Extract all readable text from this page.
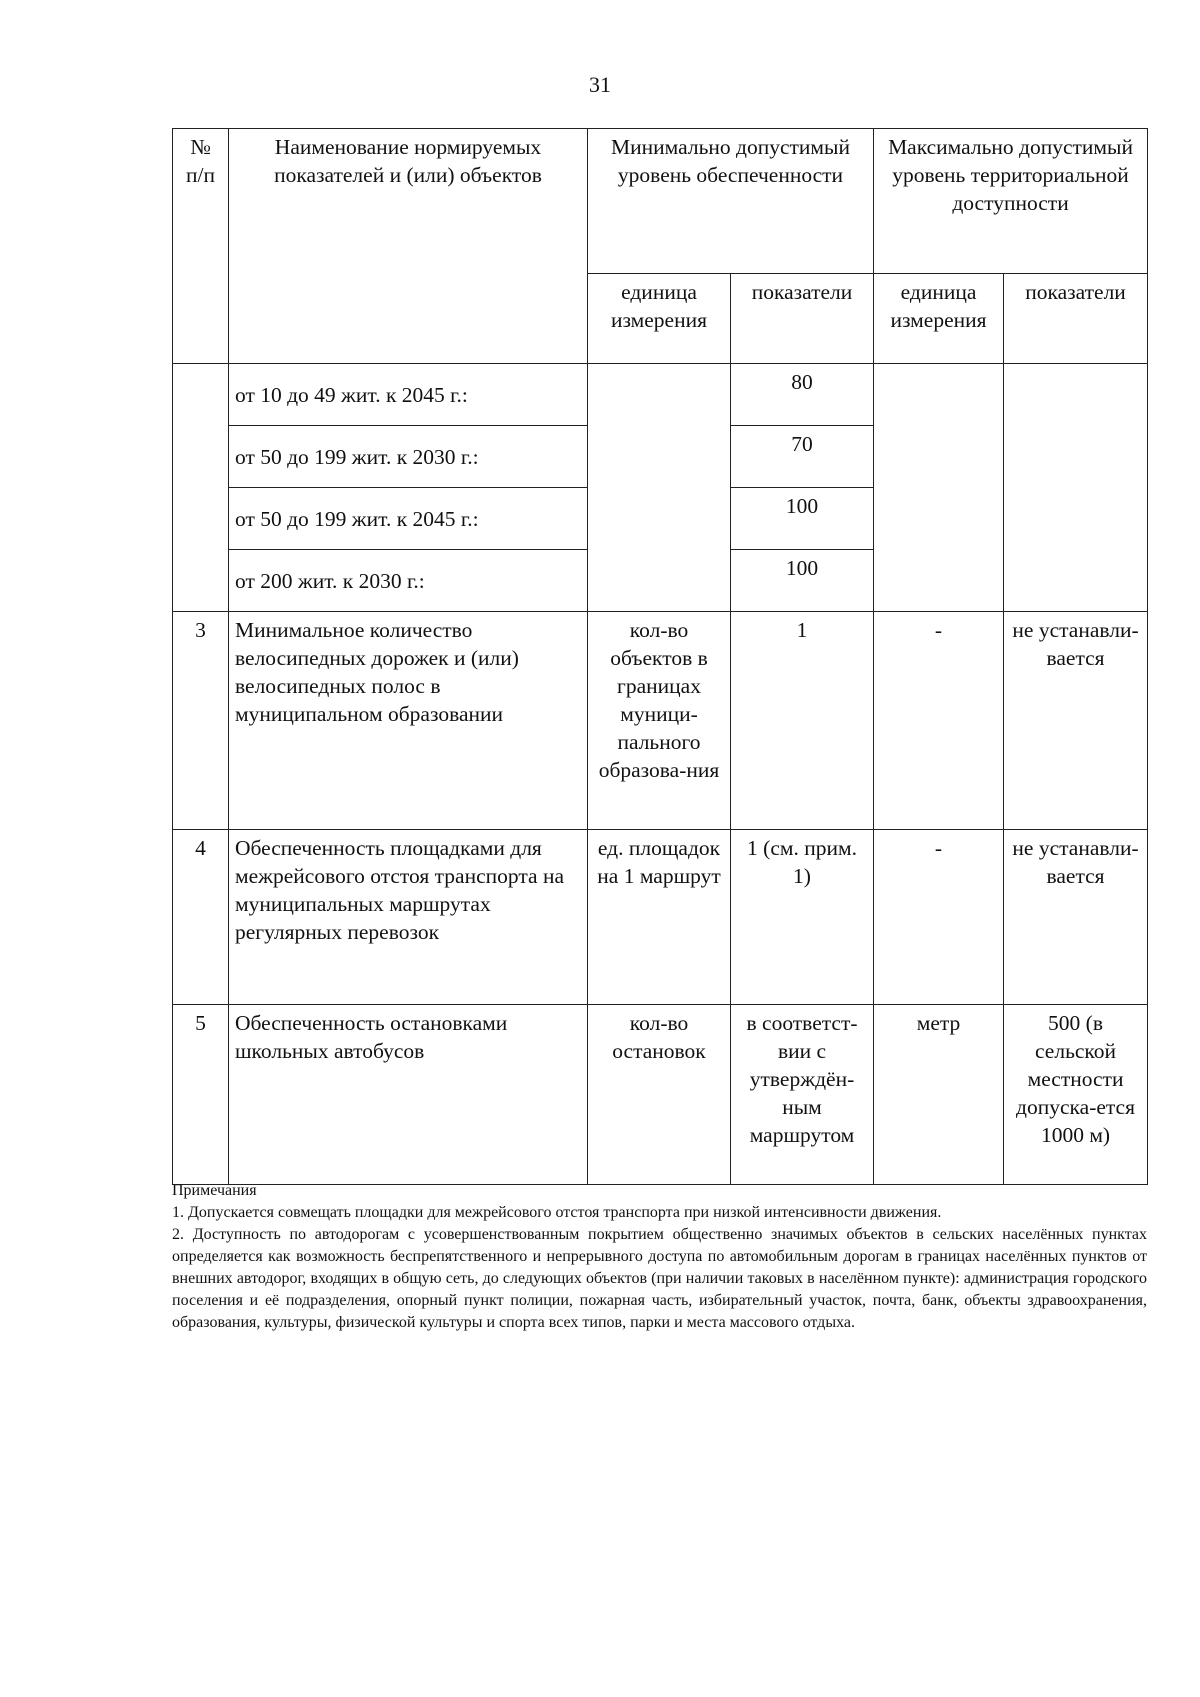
31
№ п/п	Наименование нормируемых показателей и (или) объектов	Минимально допустимый уровень обеспеченности		Максимально допустимый уровень территориальной доступности	
		единица измерения	показатели	единица измерения	показатели
	от 10 до 49 жит. к 2045 г.:		80		
	от 50 до 199 жит. к 2030 г.:		70		
	от 50 до 199 жит. к 2045 г.:		100		
	от 200 жит. к 2030 г.:		100		
3	Минимальное количество велосипедных дорожек и (или) велосипедных полос в муниципальном образовании	кол-во объектов в границах муници-пального образова-ния	1	-	не устанавли-вается
4	Обеспеченность площадками для межрейсового отстоя транспорта на муниципальных маршрутах регулярных перевозок	ед. площадок на 1 маршрут	1 (см. прим. 1)	-	не устанавли-вается
5	Обеспеченность остановками школьных автобусов	кол-во остановок	в соответст-вии с утверждён-ным маршрутом	метр	500 (в сельской местности допуска-ется 1000 м)

Примечания

1. Допускается совмещать площадки для межрейсового отстоя транспорта при низкой интенсивности движения.

2. Доступность по автодорогам с усовершенствованным покрытием общественно значимых объектов в сельских населённых пунктах определяется как возможность беспрепятственного и непрерывного доступа по автомобильным дорогам в границах населённых пунктов от внешних автодорог, входящих в общую сеть, до следующих объектов (при наличии таковых в населённом пункте): администрация городского поселения и её подразделения, опорный пункт полиции, пожарная часть, избирательный участок, почта, банк, объекты здравоохранения, образования, культуры, физической культуры и спорта всех типов, парки и места массового отдыха.
